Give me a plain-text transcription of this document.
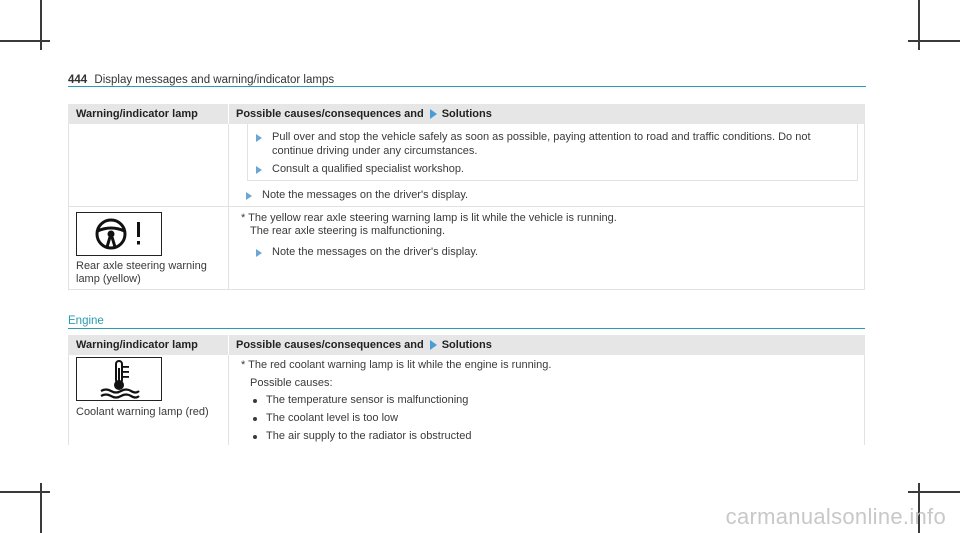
444 Display messages and warning/indicator lamps
Warning/indicator lamp	Possible causes/consequences and Solutions
Pull over and stop the vehicle safely as soon as possible, paying attention to road and traffic conditions. Do not
continue driving under any circumstances.
Consult a qualified specialist workshop.
Note the messages on the driver's display.
Rear axle steering warning
lamp (yellow)
* The yellow rear axle steering warning lamp is lit while the vehicle is running.
The rear axle steering is malfunctioning.
Note the messages on the driver's display.
Engine
Warning/indicator lamp	Possible causes/consequences and Solutions
Coolant warning lamp (red)
* The red coolant warning lamp is lit while the engine is running.
Possible causes:
The temperature sensor is malfunctioning
The coolant level is too low
The air supply to the radiator is obstructed
carmanualsonline.info
